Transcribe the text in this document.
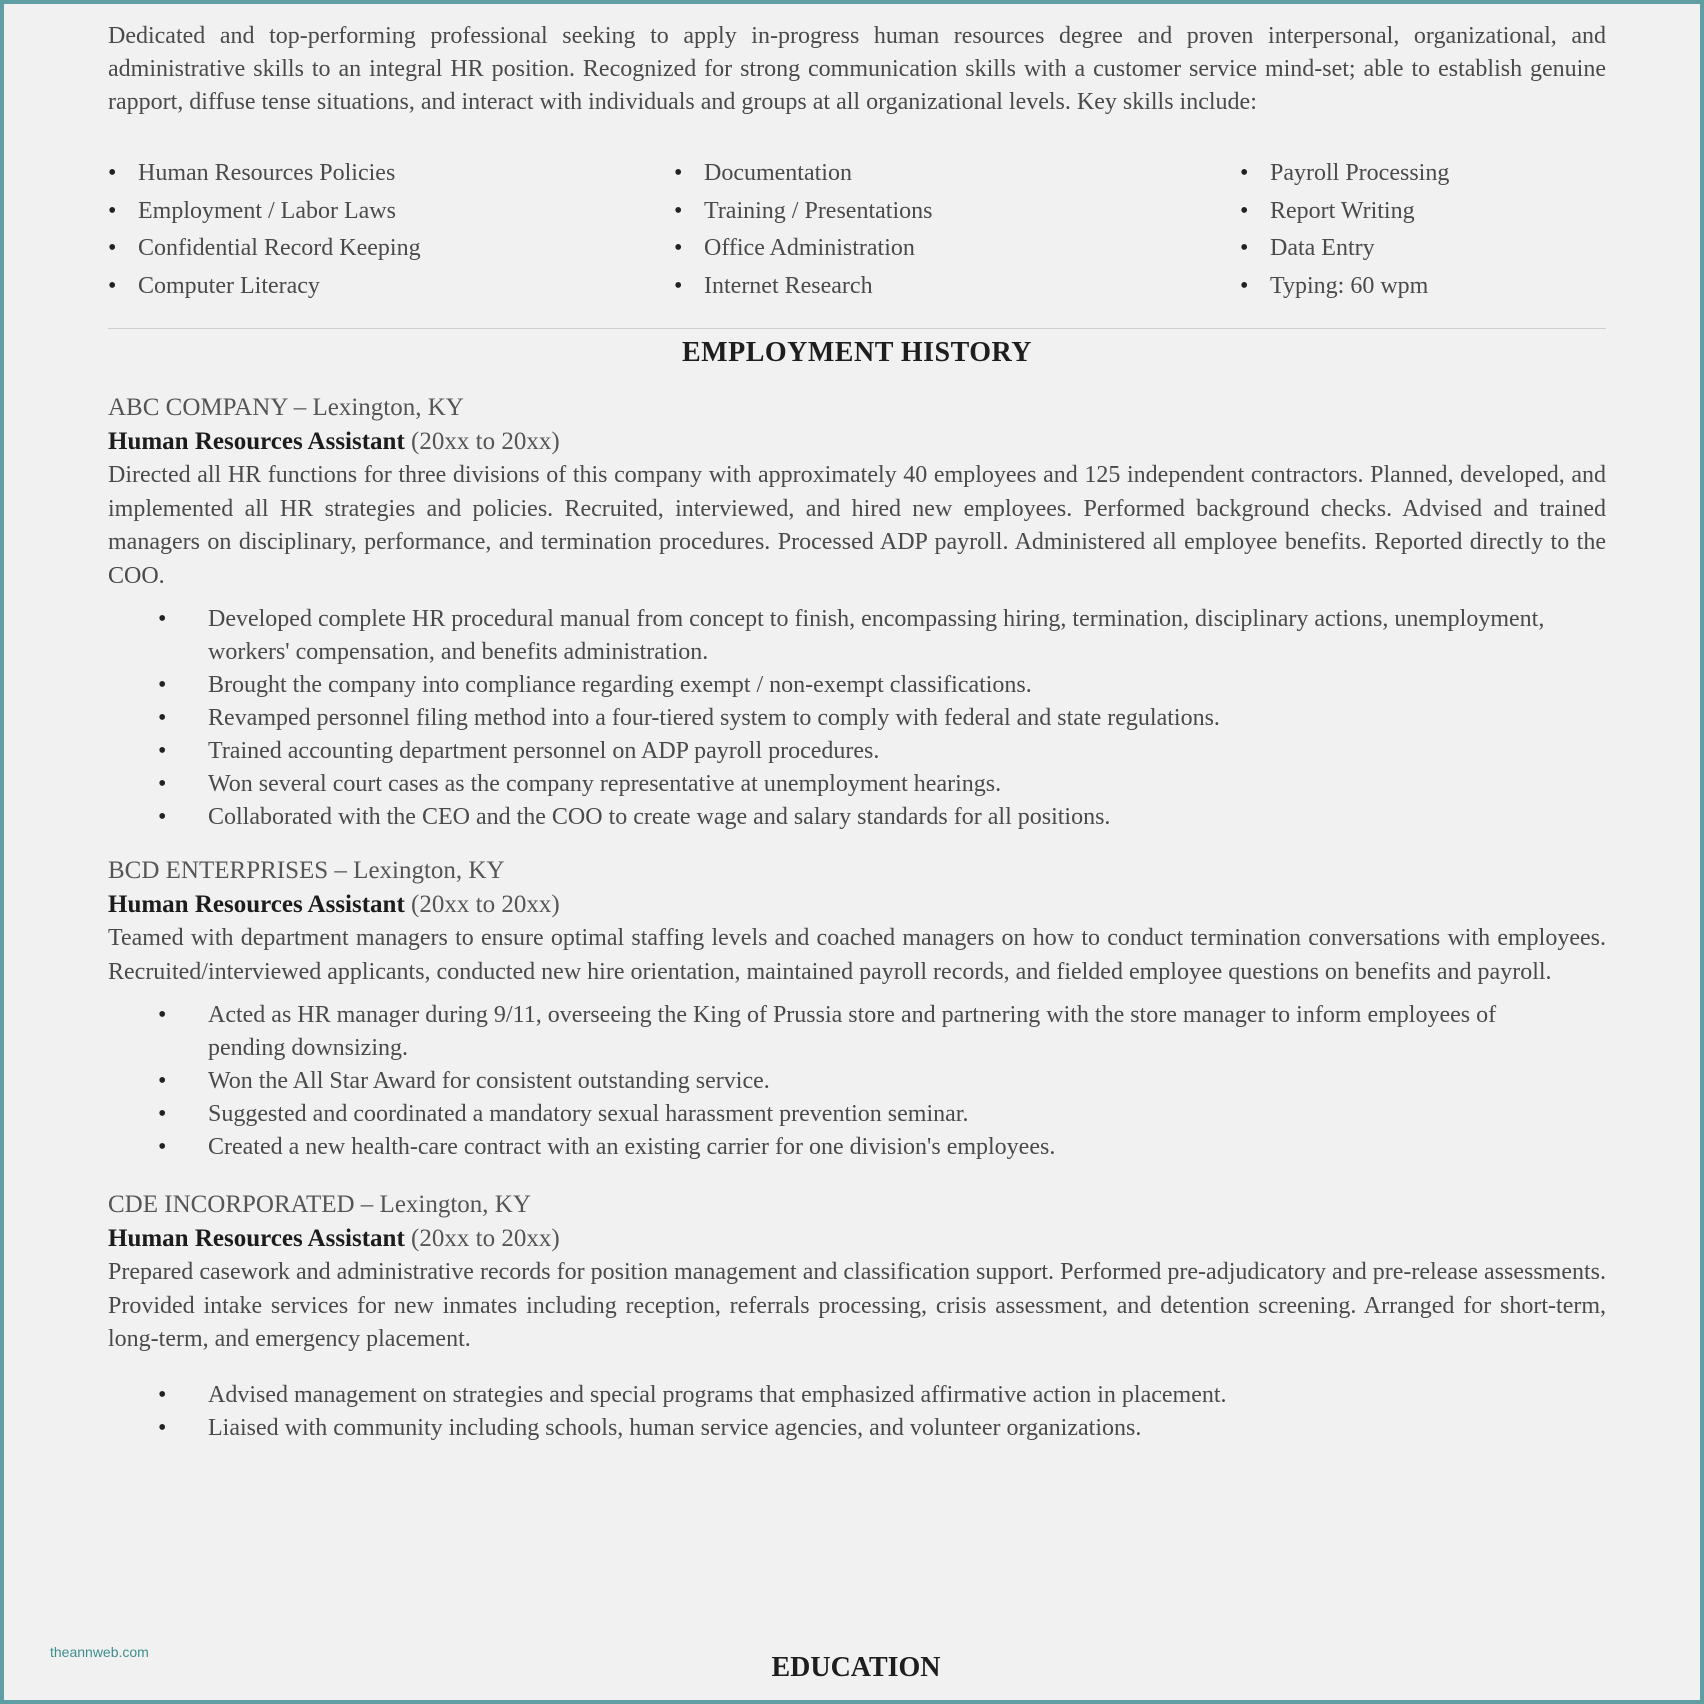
Dedicated and top-performing professional seeking to apply in-progress human resources degree and proven interpersonal, organizational, and administrative skills to an integral HR position. Recognized for strong communication skills with a customer service mind-set; able to establish genuine rapport, diffuse tense situations, and interact with individuals and groups at all organizational levels. Key skills include:

• Human Resources Policies
• Employment / Labor Laws
• Confidential Record Keeping
• Computer Literacy
• Documentation
• Training / Presentations
• Office Administration
• Internet Research
• Payroll Processing
• Report Writing
• Data Entry
• Typing: 60 wpm
EMPLOYMENT HISTORY

ABC COMPANY – Lexington, KY

Human Resources Assistant (20xx to 20xx)

Directed all HR functions for three divisions of this company with approximately 40 employees and 125 independent contractors. Planned, developed, and implemented all HR strategies and policies. Recruited, interviewed, and hired new employees. Performed background checks. Advised and trained managers on disciplinary, performance, and termination procedures. Processed ADP payroll. Administered all employee benefits. Reported directly to the COO.

• Developed complete HR procedural manual from concept to finish, encompassing hiring, termination, disciplinary actions, unemployment, workers' compensation, and benefits administration.
• Brought the company into compliance regarding exempt / non-exempt classifications.
• Revamped personnel filing method into a four-tiered system to comply with federal and state regulations.
• Trained accounting department personnel on ADP payroll procedures.
• Won several court cases as the company representative at unemployment hearings.
• Collaborated with the CEO and the COO to create wage and salary standards for all positions.

BCD ENTERPRISES – Lexington, KY

Human Resources Assistant (20xx to 20xx)

Teamed with department managers to ensure optimal staffing levels and coached managers on how to conduct termination conversations with employees. Recruited/interviewed applicants, conducted new hire orientation, maintained payroll records, and fielded employee questions on benefits and payroll.

• Acted as HR manager during 9/11, overseeing the King of Prussia store and partnering with the store manager to inform employees of pending downsizing.
• Won the All Star Award for consistent outstanding service.
• Suggested and coordinated a mandatory sexual harassment prevention seminar.
• Created a new health-care contract with an existing carrier for one division's employees.

CDE INCORPORATED – Lexington, KY

Human Resources Assistant (20xx to 20xx)

Prepared casework and administrative records for position management and classification support. Performed pre-adjudicatory and pre-release assessments. Provided intake services for new inmates including reception, referrals processing, crisis assessment, and detention screening. Arranged for short-term, long-term, and emergency placement.

• Advised management on strategies and special programs that emphasized affirmative action in placement.
• Liaised with community including schools, human service agencies, and volunteer organizations.
theannweb.com	EDUCATION
